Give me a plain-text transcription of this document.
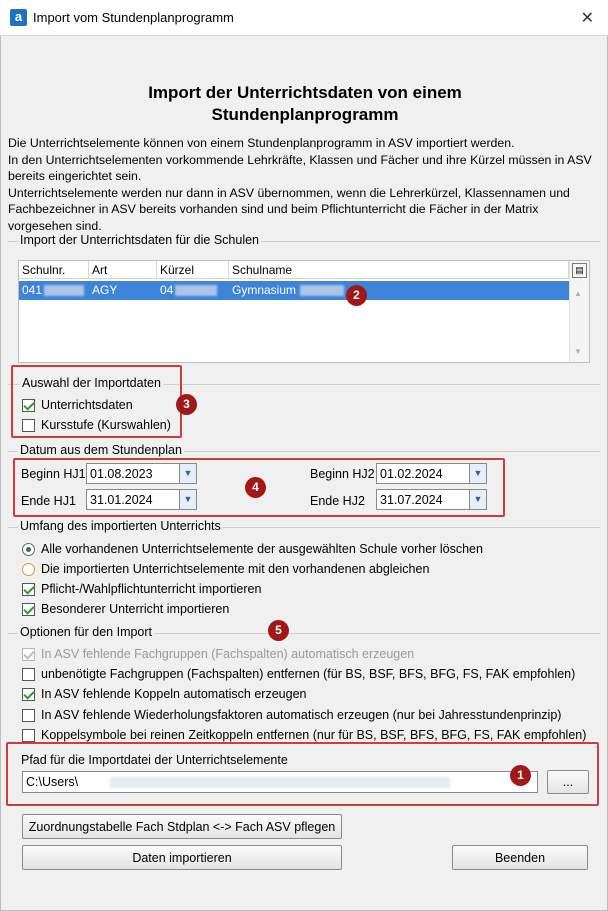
a Import vom Stundenplanprogramm	✕
Import der Unterrichtsdaten von einem Stundenplanprogramm
Die Unterrichtselemente können von einem Stundenplanprogramm in ASV importiert werden.
In den Unterrichtselementen vorkommende Lehrkräfte, Klassen und Fächer und ihre Kürzel müssen in ASV bereits eingerichtet sein.
Unterrichtselemente werden nur dann in ASV übernommen, wenn die Lehrerkürzel, Klassennamen und Fachbezeichner in ASV bereits vorhanden sind und beim Pflichtunterricht die Fächer in der Matrix vorgesehen sind.
Import der Unterrichtsdaten für die Schulen
Schulnr.	Art	Kürzel	Schulname
041	AGY	04	Gymnasium
▤
▲
▼
2
Auswahl der Importdaten
Unterrichtsdaten
Kursstufe (Kurswahlen)
3
Datum aus dem Stundenplan
Beginn HJ1
01.08.2023	▼
Ende HJ1
31.01.2024	▼
Beginn HJ2
01.02.2024	▼
Ende HJ2
31.07.2024	▼
4
Umfang des importierten Unterrichts
Alle vorhandenen Unterrichtselemente der ausgewählten Schule vorher löschen
Die importierten Unterrichtselemente mit den vorhandenen abgleichen
Pflicht-/Wahlpflichtunterricht importieren
Besonderer Unterricht importieren
Optionen für den Import	5
In ASV fehlende Fachgruppen (Fachspalten) automatisch erzeugen
unbenötigte Fachgruppen (Fachspalten) entfernen (für BS, BSF, BFS, BFG, FS, FAK empfohlen)
In ASV fehlende Koppeln automatisch erzeugen
In ASV fehlende Wiederholungsfaktoren automatisch erzeugen (nur bei Jahresstundenprinzip)
Koppelsymbole bei reinen Zeitkoppeln entfernen (nur für BS, BSF, BFS, BFG, FS, FAK empfohlen)
Pfad für die Importdatei der Unterrichtselemente
C:\Users\
...
1
Zuordnungstabelle Fach Stdplan <-> Fach ASV pflegen
Daten importieren	Beenden
